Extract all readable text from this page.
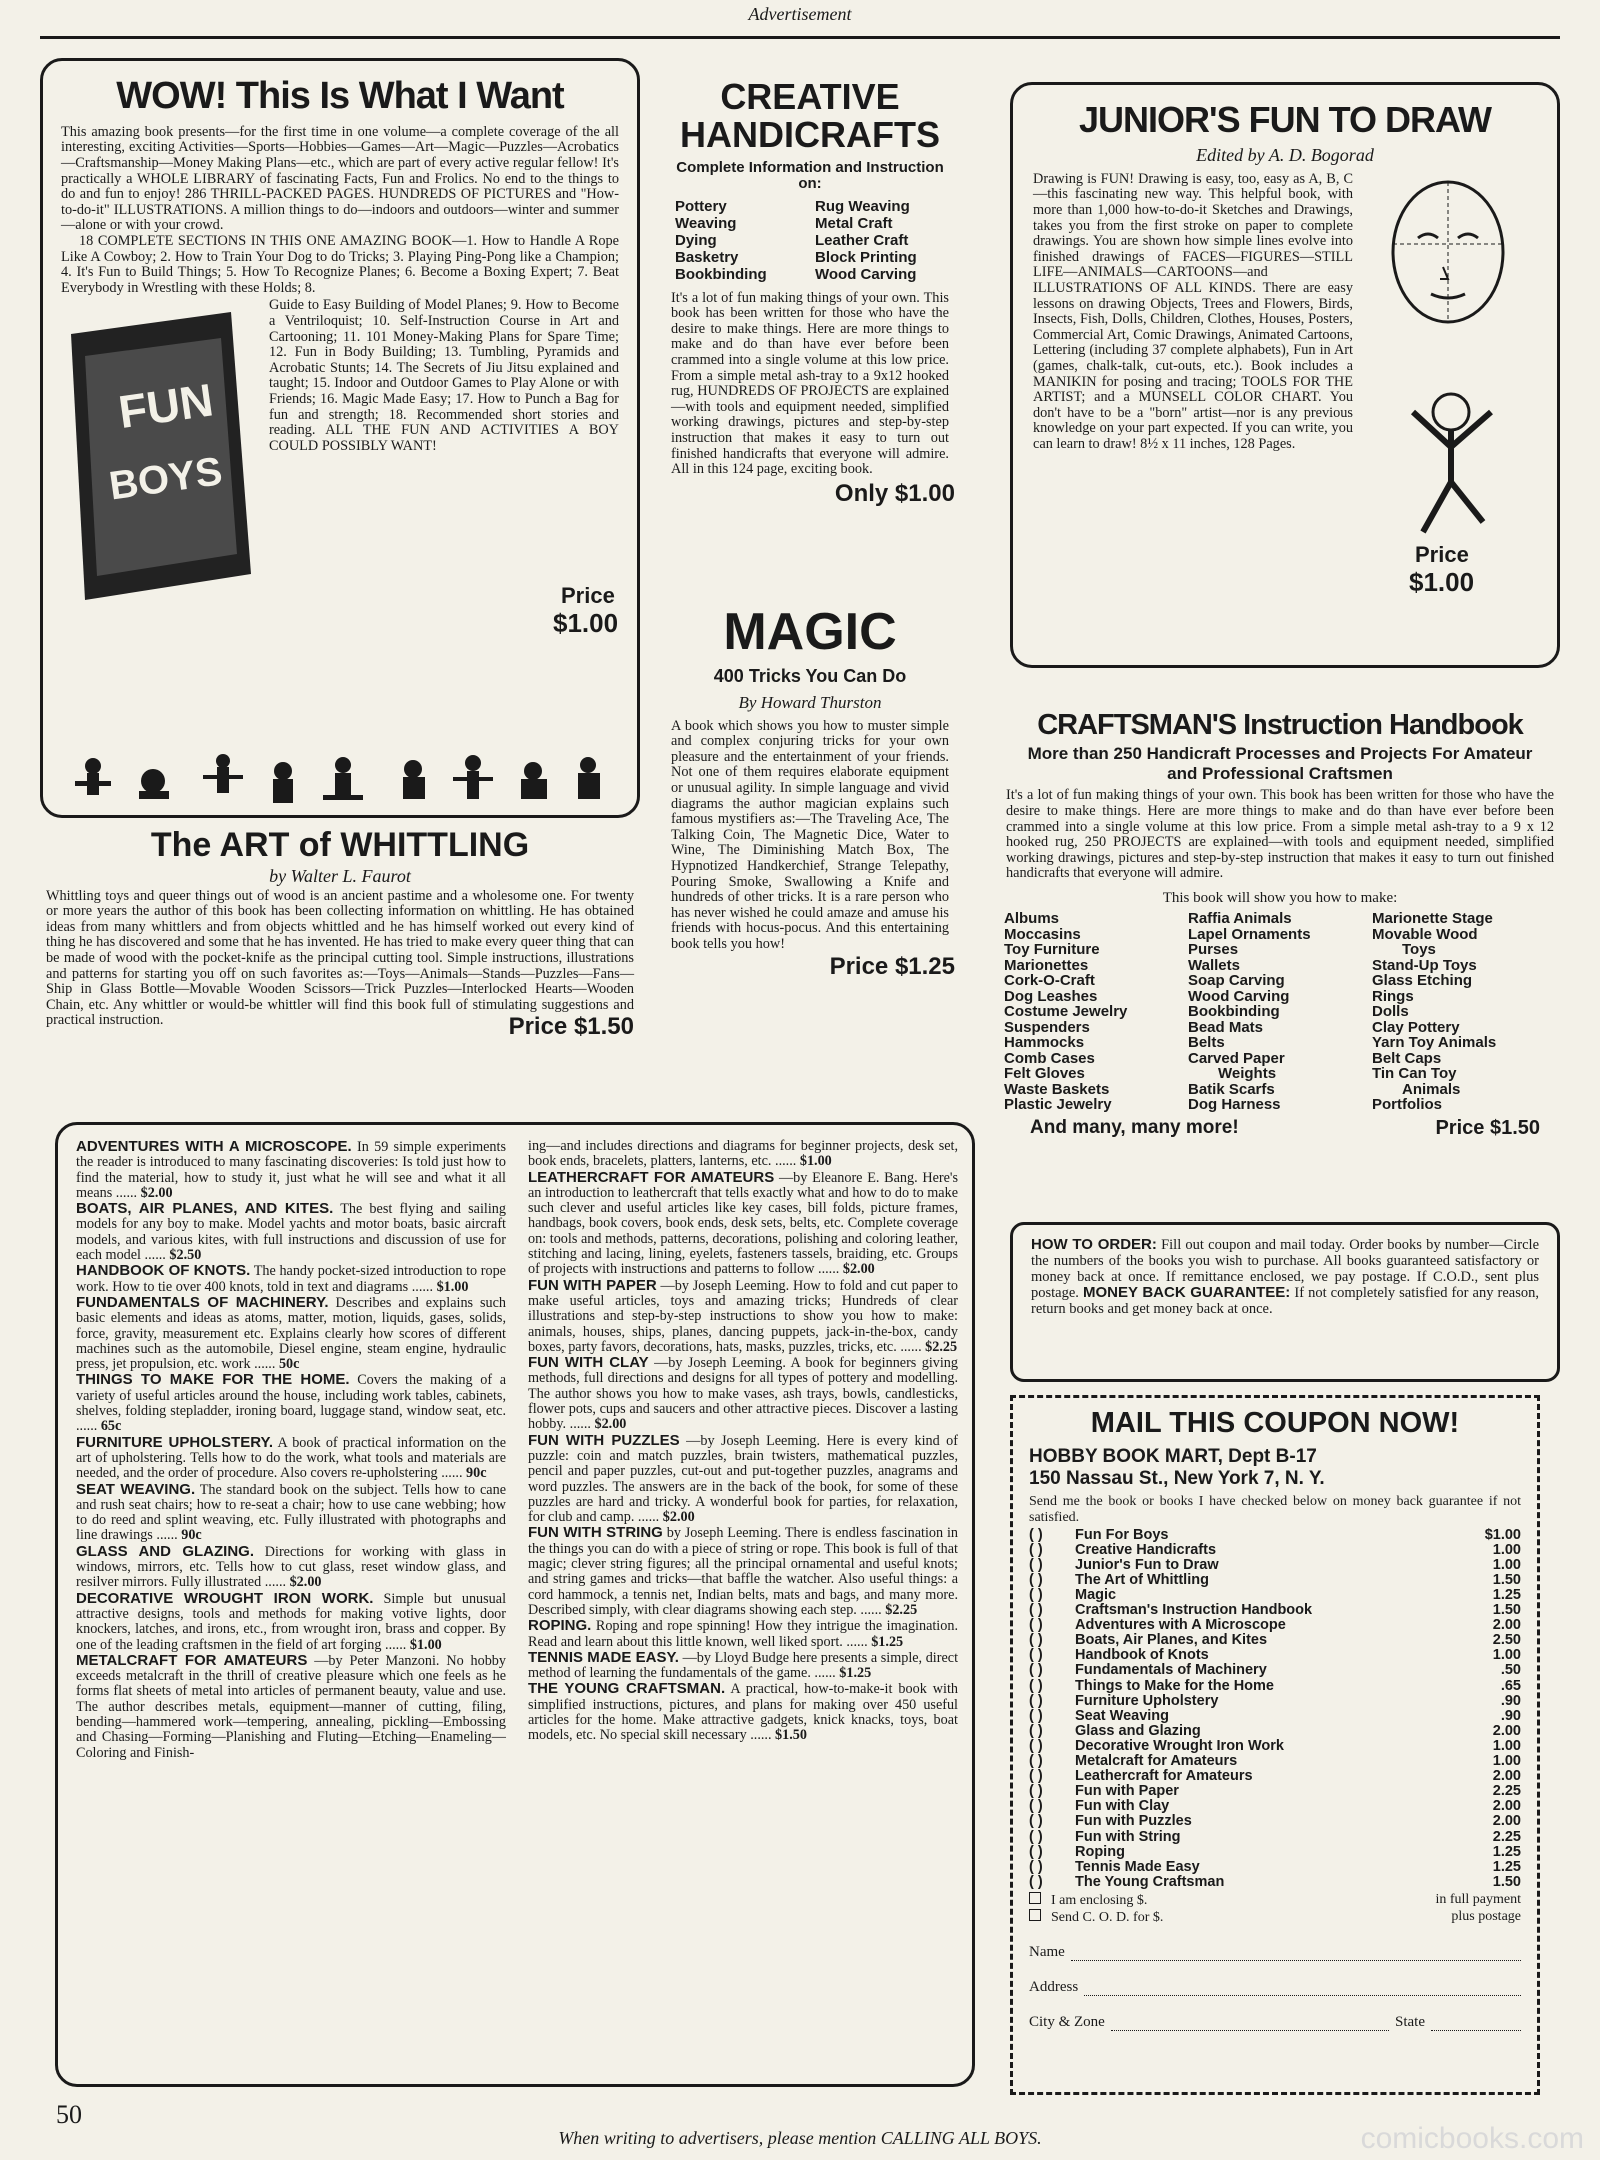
Advertisement
WOW! This Is What I Want
This amazing book presents—for the first time in one volume—a complete coverage of the all interesting, exciting Activities—Sports—Hobbies—Games—Art—Magic—Puzzles—Acrobatics—Craftsmanship—Money Making Plans—etc., which are part of every active regular fellow! It's practically a WHOLE LIBRARY of fascinating Facts, Fun and Frolics. No end to the things to do and fun to enjoy! 286 THRILL-PACKED PAGES. HUNDREDS OF PICTURES and "How-to-do-it" ILLUSTRATIONS. A million things to do—indoors and outdoors—winter and summer—alone or with your crowd.
18 COMPLETE SECTIONS IN THIS ONE AMAZING BOOK—1. How to Handle A Rope Like A Cowboy; 2. How to Train Your Dog to do Tricks; 3. Playing Ping-Pong like a Champion; 4. It's Fun to Build Things; 5. How To Recognize Planes; 6. Become a Boxing Expert; 7. Beat Everybody in Wrestling with these Holds; 8.
FUN
BOYS
Guide to Easy Building of Model Planes; 9. How to Become a Ventriloquist; 10. Self-Instruction Course in Art and Cartooning; 11. 101 Money-Making Plans for Spare Time; 12. Fun in Body Building; 13. Tumbling, Pyramids and Acrobatic Stunts; 14. The Secrets of Jiu Jitsu explained and taught; 15. Indoor and Outdoor Games to Play Alone or with Friends; 16. Magic Made Easy; 17. How to Punch a Bag for fun and strength; 18. Recommended short stories and reading. ALL THE FUN AND ACTIVITIES A BOY COULD POSSIBLY WANT!
Price
$1.00
CREATIVE HANDICRAFTS
Complete Information and Instruction on:
Pottery	Rug Weaving
Weaving	Metal Craft
Dying	Leather Craft
Basketry	Block Printing
Bookbinding	Wood Carving
It's a lot of fun making things of your own. This book has been written for those who have the desire to make things. Here are more things to make and do than have ever before been crammed into a single volume at this low price. From a simple metal ash-tray to a 9x12 hooked rug, HUNDREDS OF PROJECTS are explained—with tools and equipment needed, simplified working drawings, pictures and step-by-step instruction that makes it easy to turn out finished handicrafts that everyone will admire. All in this 124 page, exciting book.
Only $1.00
MAGIC
400 Tricks You Can Do
By Howard Thurston
A book which shows you how to muster simple and complex conjuring tricks for your own pleasure and the entertainment of your friends. Not one of them requires elaborate equipment or unusual agility. In simple language and vivid diagrams the author magician explains such famous mystifiers as:—The Traveling Ace, The Talking Coin, The Magnetic Dice, Water to Wine, The Diminishing Match Box, The Hypnotized Handkerchief, Strange Telepathy, Pouring Smoke, Swallowing a Knife and hundreds of other tricks. It is a rare person who has never wished he could amaze and amuse his friends with hocus-pocus. And this entertaining book tells you how!
Price $1.25
JUNIOR'S FUN TO DRAW
Edited by A. D. Bogorad
Drawing is FUN! Drawing is easy, too, easy as A, B, C—this fascinating new way. This helpful book, with more than 1,000 how-to-do-it Sketches and Drawings, takes you from the first stroke on paper to complete drawings. You are shown how simple lines evolve into finished drawings of FACES—FIGURES—STILL LIFE—ANIMALS—CARTOONS—and ILLUSTRATIONS OF ALL KINDS. There are easy lessons on drawing Objects, Trees and Flowers, Birds, Insects, Fish, Dolls, Children, Clothes, Houses, Posters, Commercial Art, Comic Drawings, Animated Cartoons, Lettering (including 37 complete alphabets), Fun in Art (games, chalk-talk, cut-outs, etc.). Book includes a MANIKIN for posing and tracing; TOOLS FOR THE ARTIST; and a MUNSELL COLOR CHART. You don't have to be a "born" artist—nor is any previous knowledge on your part expected. If you can write, you can learn to draw! 8½ x 11 inches, 128 Pages.
Price
$1.00
The ART of WHITTLING
by Walter L. Faurot
Whittling toys and queer things out of wood is an ancient pastime and a wholesome one. For twenty or more years the author of this book has been collecting information on whittling. He has obtained ideas from many whittlers and from objects whittled and he has himself worked out every kind of thing he has discovered and some that he has invented. He has tried to make every queer thing that can be made of wood with the pocket-knife as the principal cutting tool. Simple instructions, illustrations and patterns for starting you off on such favorites as:—Toys—Animals—Stands—Puzzles—Fans—Ship in Glass Bottle—Movable Wooden Scissors—Trick Puzzles—Interlocked Hearts—Wooden Chain, etc. Any whittler or would-be whittler will find this book full of stimulating suggestions and practical instruction.	Price $1.50
CRAFTSMAN'S Instruction Handbook
More than 250 Handicraft Processes and Projects For Amateur and Professional Craftsmen
It's a lot of fun making things of your own. This book has been written for those who have the desire to make things. Here are more things to make and do than have ever before been crammed into a single volume at this low price. From a simple metal ash-tray to a 9 x 12 hooked rug, 250 PROJECTS are explained—with tools and equipment needed, simplified working drawings, pictures and step-by-step instruction that makes it easy to turn out finished handicrafts that everyone will admire.
This book will show you how to make:
Albums	Raffia Animals	Marionette Stage
Moccasins	Lapel Ornaments	Movable Wood
Toy Furniture	Purses	Toys
Marionettes	Wallets	Stand-Up Toys
Cork-O-Craft	Soap Carving	Glass Etching
Dog Leashes	Wood Carving	Rings
Costume Jewelry	Bookbinding	Dolls
Suspenders	Bead Mats	Clay Pottery
Hammocks	Belts	Yarn Toy Animals
Comb Cases	Carved Paper	Belt Caps
Felt Gloves	Weights	Tin Can Toy
Waste Baskets	Batik Scarfs	Animals
Plastic Jewelry	Dog Harness	Portfolios
And many, many more!	Price $1.50
ADVENTURES WITH A MICROSCOPE. In 59 simple experiments the reader is introduced to many fascinating discoveries: Is told just how to find the material, how to study it, just what he will see and what it all means ...... $2.00
BOATS, AIR PLANES, AND KITES. The best flying and sailing models for any boy to make. Model yachts and motor boats, basic aircraft models, and various kites, with full instructions and discussion of use for each model ...... $2.50
HANDBOOK OF KNOTS. The handy pocket-sized introduction to rope work. How to tie over 400 knots, told in text and diagrams ...... $1.00
FUNDAMENTALS OF MACHINERY. Describes and explains such basic elements and ideas as atoms, matter, motion, liquids, gases, solids, force, gravity, measurement etc. Explains clearly how scores of different machines such as the automobile, Diesel engine, steam engine, hydraulic press, jet propulsion, etc. work ...... 50c
THINGS TO MAKE FOR THE HOME. Covers the making of a variety of useful articles around the house, including work tables, cabinets, shelves, folding stepladder, ironing board, luggage stand, window seat, etc. ...... 65c
FURNITURE UPHOLSTERY. A book of practical information on the art of upholstering. Tells how to do the work, what tools and materials are needed, and the order of procedure. Also covers re-upholstering ...... 90c
SEAT WEAVING. The standard book on the subject. Tells how to cane and rush seat chairs; how to re-seat a chair; how to use cane webbing; how to do reed and splint weaving, etc. Fully illustrated with photographs and line drawings ...... 90c
GLASS AND GLAZING. Directions for working with glass in windows, mirrors, etc. Tells how to cut glass, reset window glass, and resilver mirrors. Fully illustrated ...... $2.00
DECORATIVE WROUGHT IRON WORK. Simple but unusual attractive designs, tools and methods for making votive lights, door knockers, latches, and irons, etc., from wrought iron, brass and copper. By one of the leading craftsmen in the field of art forging ...... $1.00
METALCRAFT FOR AMATEURS —by Peter Manzoni. No hobby exceeds metalcraft in the thrill of creative pleasure which one feels as he forms flat sheets of metal into articles of permanent beauty, value and use. The author describes metals, equipment—manner of cutting, filing, bending—hammered work—tempering, annealing, pickling—Embossing and Chasing—Forming—Planishing and Fluting—Etching—Enameling—Coloring and Finish-
ing—and includes directions and diagrams for beginner projects, desk set, book ends, bracelets, platters, lanterns, etc. ...... $1.00
LEATHERCRAFT FOR AMATEURS —by Eleanore E. Bang. Here's an introduction to leathercraft that tells exactly what and how to do to make such clever and useful articles like key cases, bill folds, picture frames, handbags, book covers, book ends, desk sets, belts, etc. Complete coverage on: tools and methods, patterns, decorations, polishing and coloring leather, stitching and lacing, lining, eyelets, fasteners tassels, braiding, etc. Groups of projects with instructions and patterns to follow ...... $2.00
FUN WITH PAPER —by Joseph Leeming. How to fold and cut paper to make useful articles, toys and amazing tricks; Hundreds of clear illustrations and step-by-step instructions to show you how to make: animals, houses, ships, planes, dancing puppets, jack-in-the-box, candy boxes, party favors, decorations, hats, masks, puzzles, tricks, etc. ...... $2.25
FUN WITH CLAY —by Joseph Leeming. A book for beginners giving methods, full directions and designs for all types of pottery and modelling. The author shows you how to make vases, ash trays, bowls, candlesticks, flower pots, cups and saucers and other attractive pieces. Discover a lasting hobby. ...... $2.00
FUN WITH PUZZLES —by Joseph Leeming. Here is every kind of puzzle: coin and match puzzles, brain twisters, mathematical puzzles, pencil and paper puzzles, cut-out and put-together puzzles, anagrams and word puzzles. The answers are in the back of the book, for some of these puzzles are hard and tricky. A wonderful book for parties, for relaxation, for club and camp. ...... $2.00
FUN WITH STRING by Joseph Leeming. There is endless fascination in the things you can do with a piece of string or rope. This book is full of that magic; clever string figures; all the principal ornamental and useful knots; and string games and tricks—that baffle the watcher. Also useful things: a cord hammock, a tennis net, Indian belts, mats and bags, and many more. Described simply, with clear diagrams showing each step. ...... $2.25
ROPING. Roping and rope spinning! How they intrigue the imagination. Read and learn about this little known, well liked sport. ...... $1.25
TENNIS MADE EASY. —by Lloyd Budge here presents a simple, direct method of learning the fundamentals of the game. ...... $1.25
THE YOUNG CRAFTSMAN. A practical, how-to-make-it book with simplified instructions, pictures, and plans for making over 450 useful articles for the home. Make attractive gadgets, knick knacks, toys, boat models, etc. No special skill necessary ...... $1.50
HOW TO ORDER: Fill out coupon and mail today. Order books by number—Circle the numbers of the books you wish to purchase. All books guaranteed satisfactory or money back at once. If remittance enclosed, we pay postage. If C.O.D., sent plus postage. MONEY BACK GUARANTEE: If not completely satisfied for any reason, return books and get money back at once.
MAIL THIS COUPON NOW!
HOBBY BOOK MART, Dept B-17
150 Nassau St., New York 7, N. Y.
Send me the book or books I have checked below on money back guarantee if not satisfied.
( )	Fun For Boys	$1.00
( )	Creative Handicrafts	1.00
( )	Junior's Fun to Draw	1.00
( )	The Art of Whittling	1.50
( )	Magic	1.25
( )	Craftsman's Instruction Handbook	1.50
( )	Adventures with A Microscope	2.00
( )	Boats, Air Planes, and Kites	2.50
( )	Handbook of Knots	1.00
( )	Fundamentals of Machinery	.50
( )	Things to Make for the Home	.65
( )	Furniture Upholstery	.90
( )	Seat Weaving	.90
( )	Glass and Glazing	2.00
( )	Decorative Wrought Iron Work	1.00
( )	Metalcraft for Amateurs	1.00
( )	Leathercraft for Amateurs	2.00
( )	Fun with Paper	2.25
( )	Fun with Clay	2.00
( )	Fun with Puzzles	2.00
( )	Fun with String	2.25
( )	Roping	1.25
( )	Tennis Made Easy	1.25
( )	The Young Craftsman	1.50
I am enclosing $.	in full payment
Send C. O. D. for $.	plus postage
Name
Address
City & Zone	State
50
When writing to advertisers, please mention CALLING ALL BOYS.	comicbooks.com
